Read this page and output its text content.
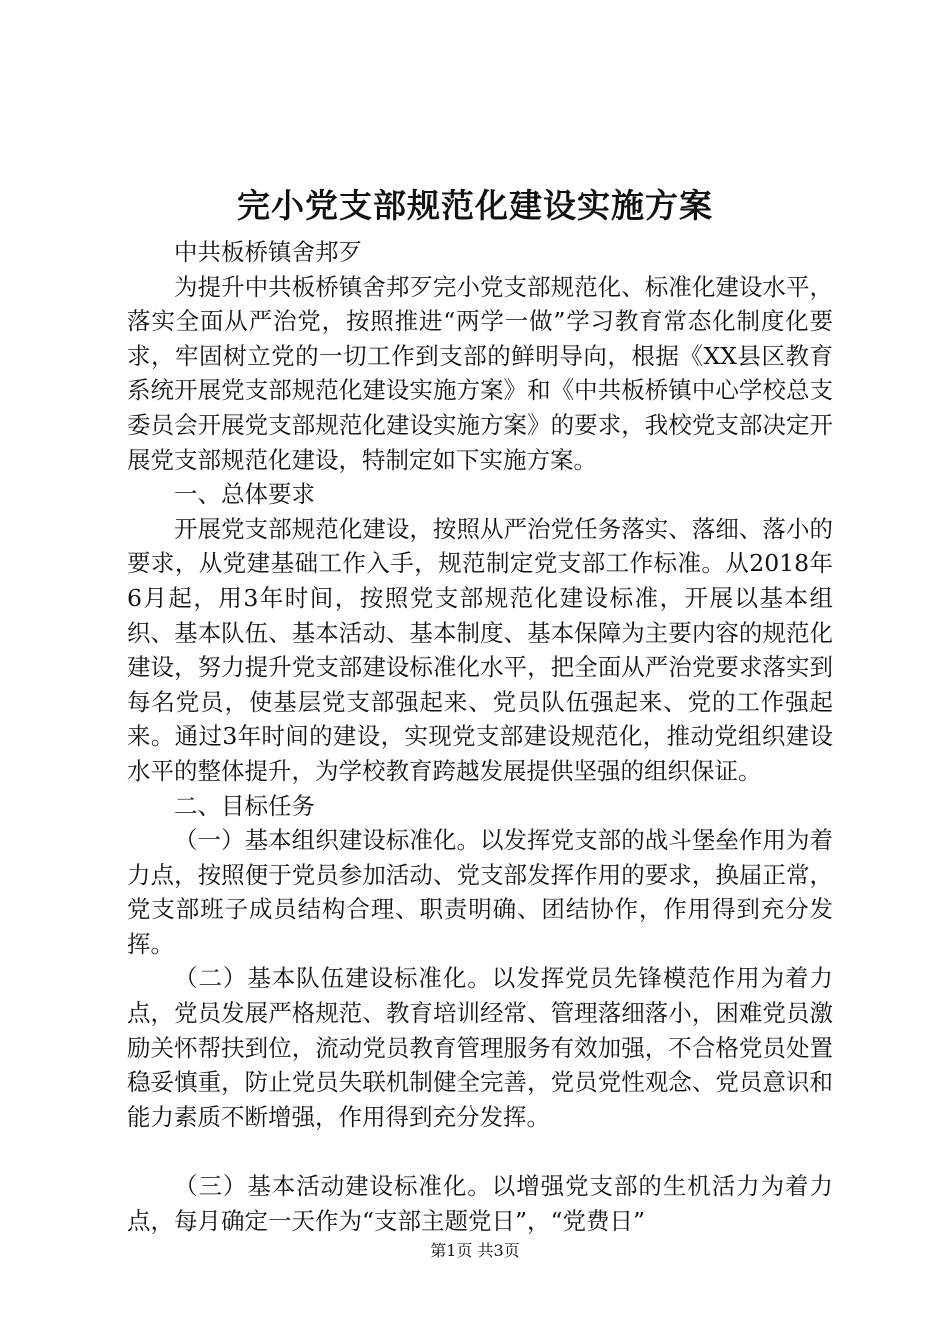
完小党支部规范化建设实施方案

中共板桥镇舍邦歹

为提升中共板桥镇舍邦歹完小党支部规范化、标准化建设水平，落实全面从严治党，按照推进“两学一做”学习教育常态化制度化要求，牢固树立党的一切工作到支部的鲜明导向，根据《XX县区教育系统开展党支部规范化建设实施方案》和《中共板桥镇中心学校总支委员会开展党支部规范化建设实施方案》的要求，我校党支部决定开展党支部规范化建设，特制定如下实施方案。

一、总体要求

开展党支部规范化建设，按照从严治党任务落实、落细、落小的要求，从党建基础工作入手，规范制定党支部工作标准。从2018年6月起，用3年时间，按照党支部规范化建设标准，开展以基本组织、基本队伍、基本活动、基本制度、基本保障为主要内容的规范化建设，努力提升党支部建设标准化水平，把全面从严治党要求落实到每名党员，使基层党支部强起来、党员队伍强起来、党的工作强起来。通过3年时间的建设，实现党支部建设规范化，推动党组织建设水平的整体提升，为学校教育跨越发展提供坚强的组织保证。

二、目标任务

（一）基本组织建设标准化。以发挥党支部的战斗堡垒作用为着力点，按照便于党员参加活动、党支部发挥作用的要求，换届正常，党支部班子成员结构合理、职责明确、团结协作，作用得到充分发挥。

（二）基本队伍建设标准化。以发挥党员先锋模范作用为着力点，党员发展严格规范、教育培训经常、管理落细落小，困难党员激励关怀帮扶到位，流动党员教育管理服务有效加强，不合格党员处置稳妥慎重，防止党员失联机制健全完善，党员党性观念、党员意识和能力素质不断增强，作用得到充分发挥。

（三）基本活动建设标准化。以增强党支部的生机活力为着力点，每月确定一天作为“支部主题党日”，“党费日”

第1页 共3页
